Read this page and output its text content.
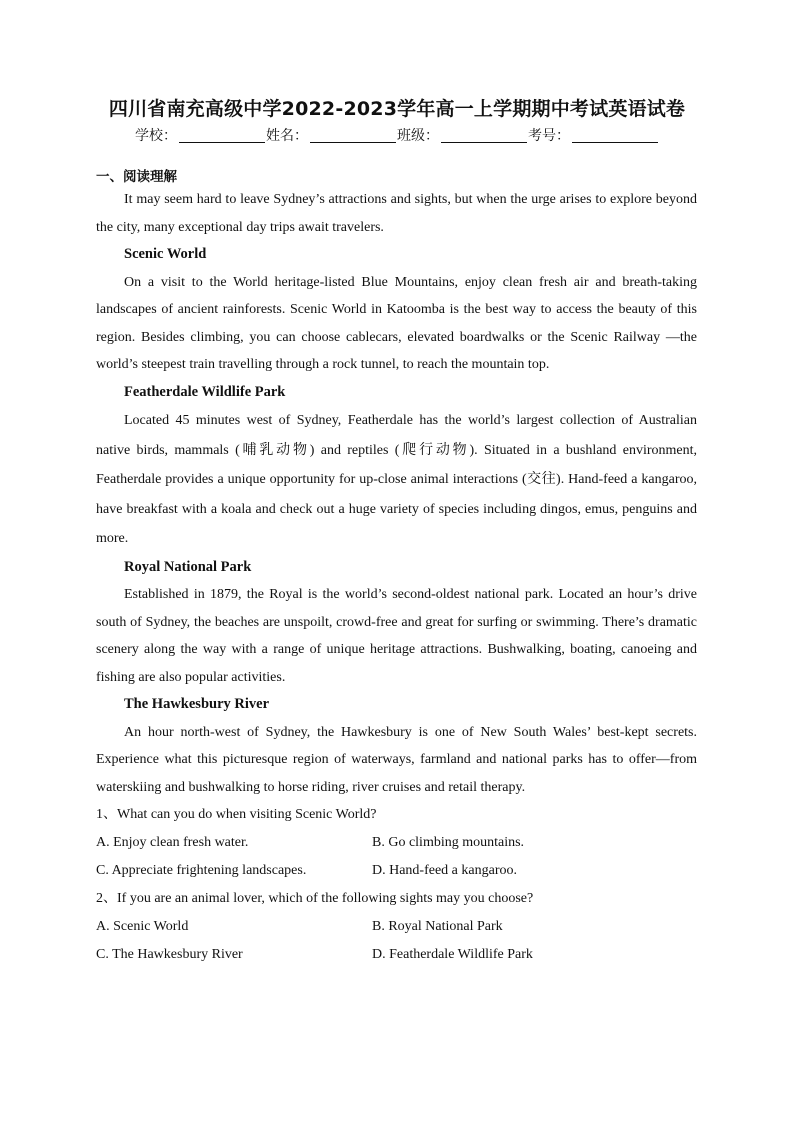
四川省南充高级中学2022-2023学年高一上学期期中考试英语试卷
学校：	姓名：	班级：	考号：
一、阅读理解

It may seem hard to leave Sydney’s attractions and sights, but when the urge arises to explore beyond the city, many exceptional day trips await travelers.

Scenic World

On a visit to the World heritage-listed Blue Mountains, enjoy clean fresh air and breath-taking landscapes of ancient rainforests. Scenic World in Katoomba is the best way to access the beauty of this region. Besides climbing, you can choose cablecars, elevated boardwalks or the Scenic Railway —the world’s steepest train travelling through a rock tunnel, to reach the mountain top.

Featherdale Wildlife Park

Located 45 minutes west of Sydney, Featherdale has the world’s largest collection of Australian native birds, mammals (哺乳动物) and reptiles (爬行动物). Situated in a bushland environment, Featherdale provides a unique opportunity for up-close animal interactions (交往). Hand-feed a kangaroo, have breakfast with a koala and check out a huge variety of species including dingos, emus, penguins and more.

Royal National Park

Established in 1879, the Royal is the world’s second-oldest national park. Located an hour’s drive south of Sydney, the beaches are unspoilt, crowd-free and great for surfing or swimming. There’s dramatic scenery along the way with a range of unique heritage attractions. Bushwalking, boating, canoeing and fishing are also popular activities.

The Hawkesbury River

An hour north-west of Sydney, the Hawkesbury is one of New South Wales’ best-kept secrets. Experience what this picturesque region of waterways, farmland and national parks has to offer—from waterskiing and bushwalking to horse riding, river cruises and retail therapy.

1、What can you do when visiting Scenic World?

A. Enjoy clean fresh water.	B. Go climbing mountains.
C. Appreciate frightening landscapes.	D. Hand-feed a kangaroo.

2、If you are an animal lover, which of the following sights may you choose?

A. Scenic World	B. Royal National Park
C. The Hawkesbury River	D. Featherdale Wildlife Park
